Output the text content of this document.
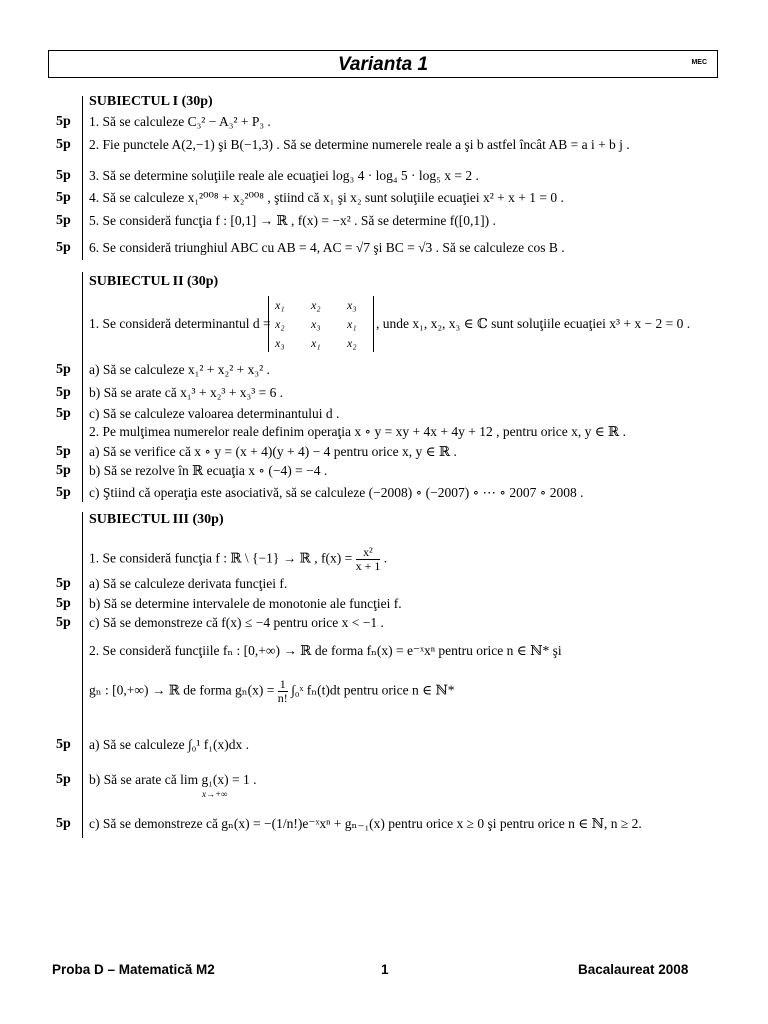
Varianta 1	MEC
SUBIECTUL I (30p)
5p 1. Să se calculeze C₃² − A₃² + P₃ .
5p 2. Fie punctele A(2,−1) şi B(−1,3) . Să se determine numerele reale a şi b astfel încât AB = a i + b j .
5p 3. Să se determine soluţiile reale ale ecuaţiei log₃ 4 · log₄ 5 · log₅ x = 2 .
5p 4. Să se calculeze x₁²⁰⁰⁸ + x₂²⁰⁰⁸ , ştiind că x₁ şi x₂ sunt soluţiile ecuaţiei x² + x + 1 = 0 .
5p 5. Se consideră funcţia f : [0,1] → ℝ , f(x) = −x² . Să se determine f([0,1]) .
5p 6. Se consideră triunghiul ABC cu AB = 4, AC = √7 şi BC = √3 . Să se calculeze cos B .
SUBIECTUL II (30p)
1. Se consideră determinantul d =
x₁ x₂ x₃
x₂ x₃ x₁
x₃ x₁ x₂
, unde x₁, x₂, x₃ ∈ ℂ sunt soluţiile ecuaţiei x³ + x − 2 = 0 .
5p a) Să se calculeze x₁² + x₂² + x₃² .
5p b) Să se arate că x₁³ + x₂³ + x₃³ = 6 .
5p c) Să se calculeze valoarea determinantului d .
2. Pe mulţimea numerelor reale definim operaţia x ∘ y = xy + 4x + 4y + 12 , pentru orice x, y ∈ ℝ .
5p a) Să se verifice că x ∘ y = (x + 4)(y + 4) − 4 pentru orice x, y ∈ ℝ .
5p b) Să se rezolve în ℝ ecuaţia x ∘ (−4) = −4 .
5p c) Ştiind că operaţia este asociativă, să se calculeze (−2008) ∘ (−2007) ∘ ⋯ ∘ 2007 ∘ 2008 .
SUBIECTUL III (30p)
1. Se consideră funcţia f : ℝ \ {−1} → ℝ , $f(x) = \frac{\text{x²}}{x + 1}$ .
5p a) Să se calculeze derivata funcţiei f.
5p b) Să se determine intervalele de monotonie ale funcţiei f.
5p c) Să se demonstreze că f(x) ≤ −4 pentru orice x < −1 .
2. Se consideră funcţiile fₙ : [0,+∞) → ℝ de forma fₙ(x) = e⁻ˣxⁿ pentru orice n ∈ ℕ* şi
gₙ : [0,+∞) → ℝ de forma $g_n(x) = \frac{1}{n!}$ ∫₀ˣ fₙ(t)dt pentru orice n ∈ ℕ*
5p a) Să se calculeze ∫₀¹ f₁(x)dx .
5p b) Să se arate că lim g₁(x) = 1 .
x→+∞
5p c) Să se demonstreze că gₙ(x) = −(1/n!)e⁻ˣxⁿ + gₙ₋₁(x) pentru orice x ≥ 0 şi pentru orice n ∈ ℕ, n ≥ 2.
Proba D – Matematică M2	1	Bacalaureat 2008
